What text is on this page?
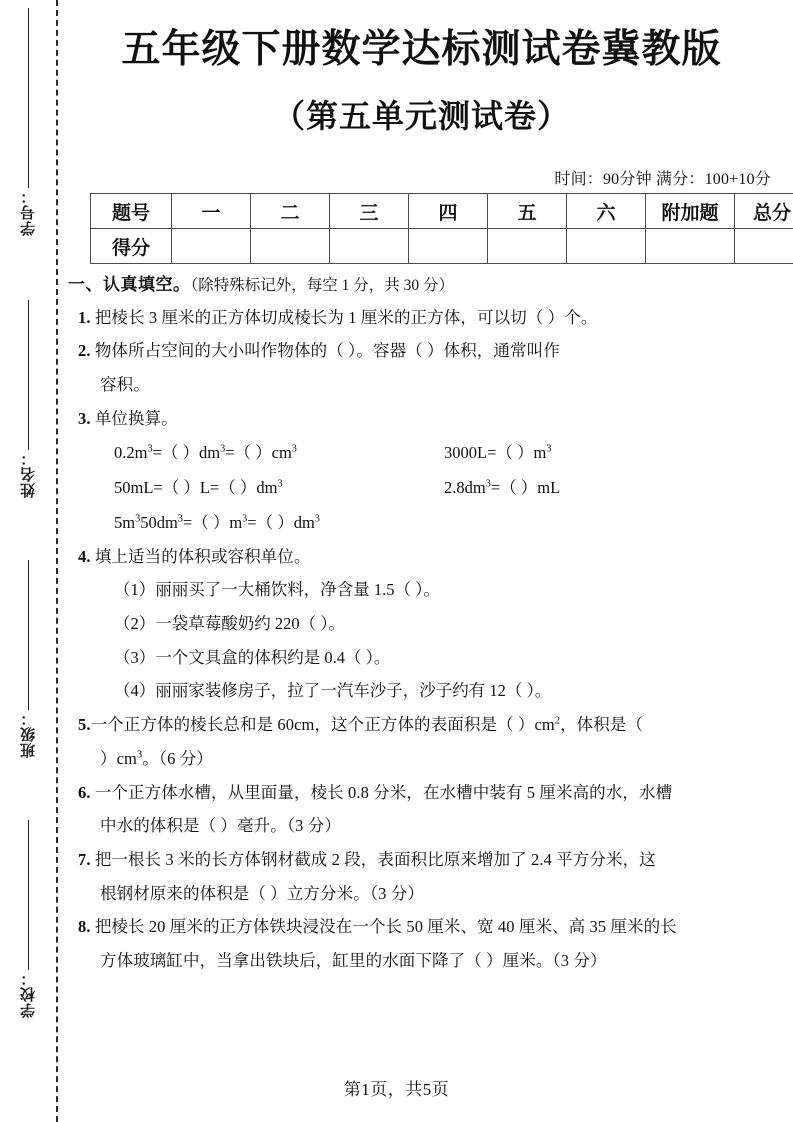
学号：
姓名：
班级：
学校：
五年级下册数学达标测试卷冀教版
（第五单元测试卷）
时间：90分钟 满分：100+10分
题号	一	二	三	四	五	六	附加题	总分
得分								

一、认真填空。（除特殊标记外，每空 1 分，共 30 分）

1. 把棱长 3 厘米的正方体切成棱长为 1 厘米的正方体，可以切（ ）个。

2. 物体所占空间的大小叫作物体的（ ）。容器（ ）体积，通常叫作

容积。

3. 单位换算。

$0.2m^3=$（ ）$dm^3=$（ ）$cm^3$	3000L=（ ）$m^3$
50mL=（ ）L=（ ）$dm^3$	$2.8dm^3=$（ ）mL
$5m^350dm^3=$（ ）$m^3=$（ ）$dm^3$

4. 填上适当的体积或容积单位。

（1）丽丽买了一大桶饮料，净含量 1.5（ ）。

（2）一袋草莓酸奶约 220（ ）。

（3）一个文具盒的体积约是 0.4（ ）。

（4）丽丽家装修房子，拉了一汽车沙子，沙子约有 12（ ）。

5.一个正方体的棱长总和是 60cm，这个正方体的表面积是（ ）$cm^2$，体积是（

）$cm^3$。（6 分）

6. 一个正方体水槽，从里面量，棱长 0.8 分米，在水槽中装有 5 厘米高的水，水槽

中水的体积是（ ）毫升。（3 分）

7. 把一根长 3 米的长方体钢材截成 2 段，表面积比原来增加了 2.4 平方分米，这

根钢材原来的体积是（ ）立方分米。（3 分）

8. 把棱长 20 厘米的正方体铁块浸没在一个长 50 厘米、宽 40 厘米、高 35 厘米的长

方体玻璃缸中，当拿出铁块后，缸里的水面下降了（ ）厘米。（3 分）

第1页，共5页
